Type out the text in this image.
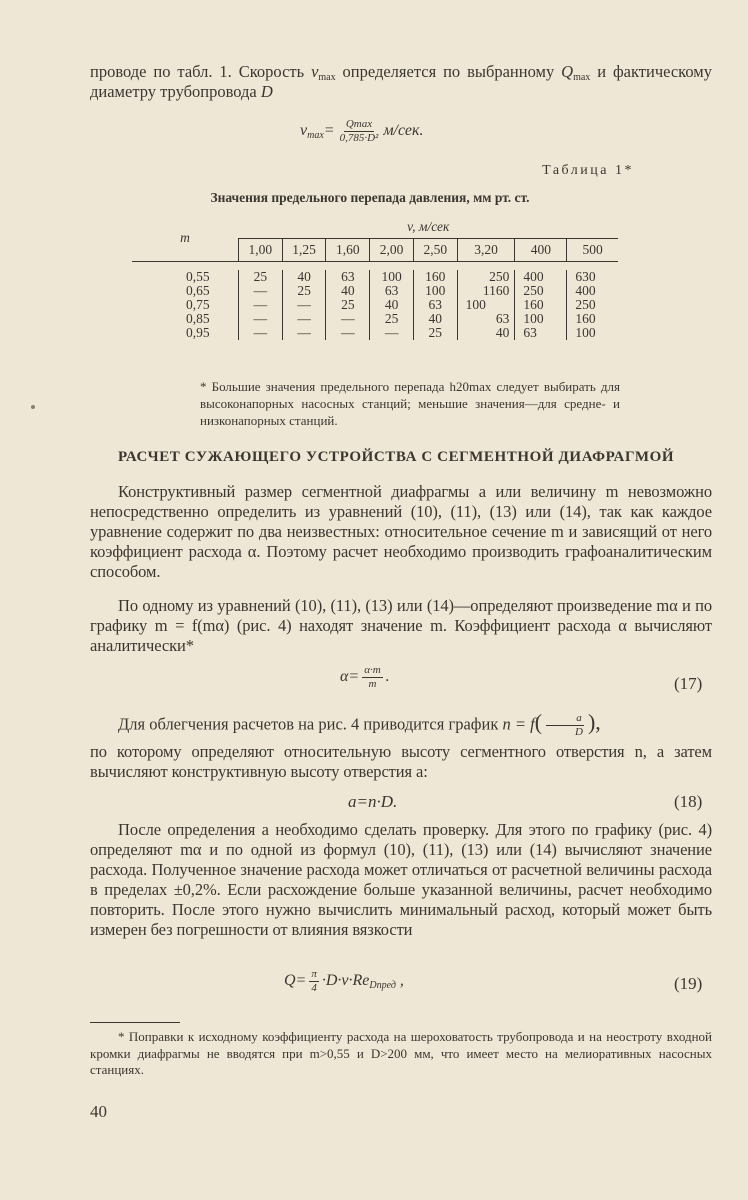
проводе по табл. 1. Скорость $v_{max}$ определяется по выбранному $Q_{max}$ и фактическому диаметру трубопровода D
$v_{max}= \frac{Qmax}{\text{0,785·D²}} м/сек$.
Таблица 1*
Значения предельного перепада давления, мм рт. ст.
m	v, м/сек							
	1,00	1,25	1,60	2,00	2,50	3,20	400	500

0,55	25	40	63	100	160	250	400	630
0,65	—	25	40	63	100	1160	250	400
0,75	—	—	25	40	63	100	160	250
0,85	—	—	—	25	40	63	100	160
0,95	—	—	—	—	25	40	63	100
* Большие значения предельного перепада h20max следует выбирать для высоконапорных насосных станций; меньшие значения—для средне- и низконапорных станций.
РАСЧЕТ СУЖАЮЩЕГО УСТРОЙСТВА С СЕГМЕНТНОЙ ДИАФРАГМОЙ
Конструктивный размер сегментной диафрагмы a или величину m невозможно непосредственно определить из уравнений (10), (11), (13) или (14), так как каждое уравнение содержит по два неизвестных: относительное сечение m и зависящий от него коэффициент расхода α. Поэтому расчет необходимо производить графоаналитическим способом.
По одному из уравнений (10), (11), (13) или (14)—определяют произведение mα и по графику m = f(mα) (рис. 4) находят значение m. Коэффициент расхода α вычисляют аналитически*
$\alpha= \frac{\alpha\cdot m}{m}$ .	(17)
Для облегчения расчетов на рис. 4 приводится график $n = f( \frac{a}{D}$ ),
по которому определяют относительную высоту сегментного отверстия n, а затем вычисляют конструктивную высоту отверстия a:
a=n·D.	(18)
После определения a необходимо сделать проверку. Для этого по графику (рис. 4) определяют mα и по одной из формул (10), (11), (13) или (14) вычисляют значение расхода. Полученное значение расхода может отличаться от расчетной величины расхода в пределах ±0,2%. Если расхождение больше указанной величины, расчет необходимо повторить. После этого нужно вычислить минимальный расход, который может быть измерен без погрешности от влияния вязкости
$Q= \frac{\pi}{4} \cdot D\cdot\nu\cdot Re_{Dпред}$ ,	(19)
* Поправки к исходному коэффициенту расхода на шероховатость трубопровода и на неостроту входной кромки диафрагмы не вводятся при m>0,55 и D>200 мм, что имеет место на мелиоративных насосных станциях.
40
